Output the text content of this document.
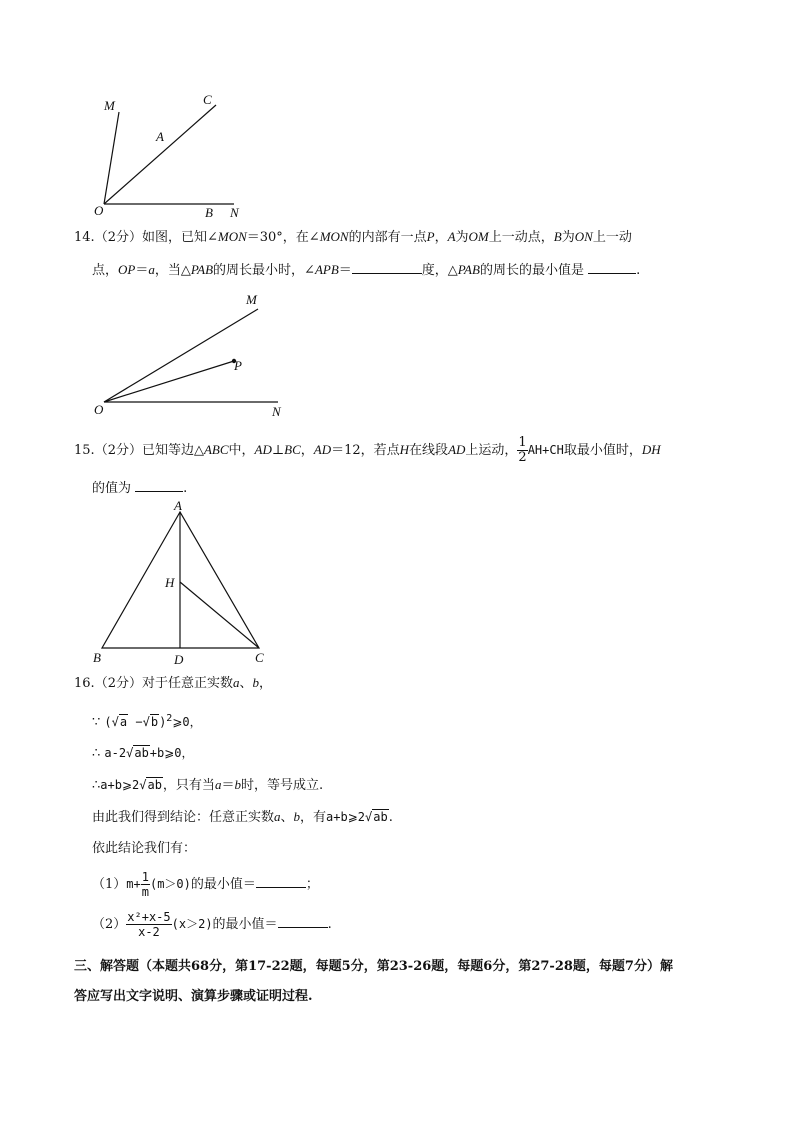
M	C
A
O	B N
14.（2分）如图，已知∠MON＝30°，在∠MON的内部有一点P，A为OM上一动点，B为ON上一动
点，OP＝a，当△PAB的周长最小时，∠APB＝	度，△PAB的周长的最小值是	.
M
P
O	N
15.（2分）已知等边△ABC中，AD⊥BC，AD＝12，若点H在线段AD上运动， $\frac{1}{2} AH+CH$取最小值时，DH
的值为	.
A
H
B	D	C
16.（2分）对于任意正实数a、b，
∵ $(√a -√b)^2⩾0$，
∴ a-2√ab+b⩾0，
∴a+b⩾2√ab，只有当a＝b时，等号成立.
由此我们得到结论：任意正实数a、b，有a+b⩾2√ab.
依此结论我们有：
$(1)m+ \frac{1}{m} (m>0)$的最小值＝	；
$(2) \frac{\text{x²+x-5}}{x-2} (x>2)$的最小值＝	.
三、解答题（本题共68分，第17-22题，每题5分，第23-26题，每题6分，第27-28题，每题7分）解
答应写出文字说明、演算步骤或证明过程.
